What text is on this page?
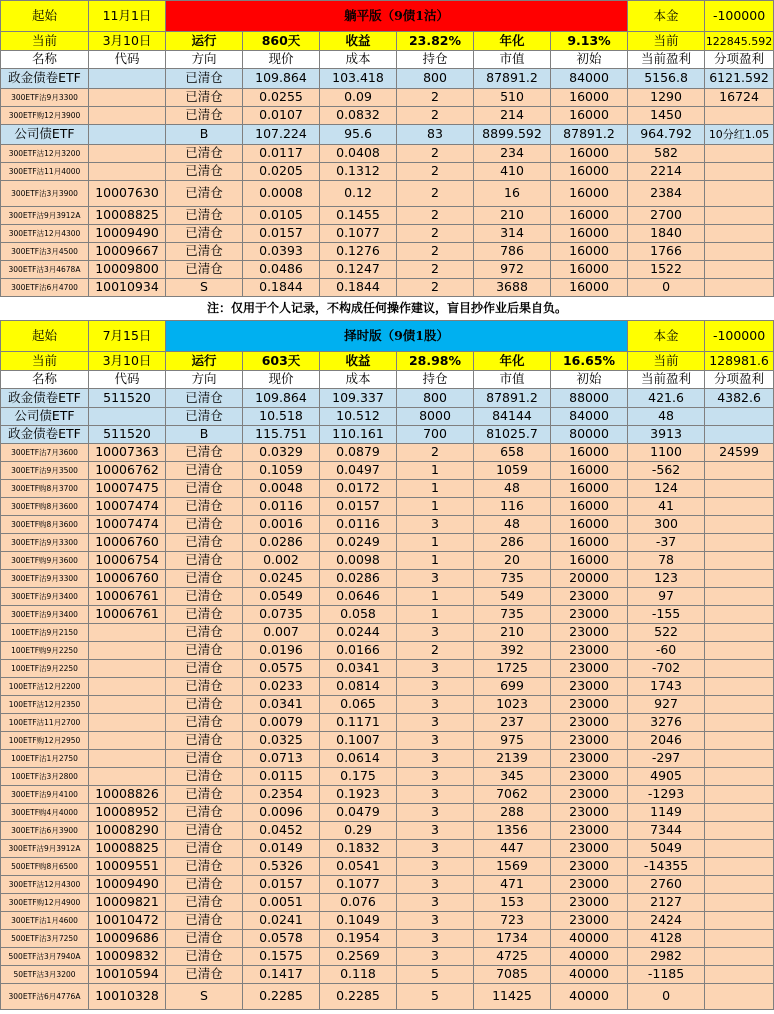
起始	11月1日	躺平版（9债1沽）						本金	-100000
当前	3月10日	运行	860天	收益	23.82%	年化	9.13%	当前	122845.592
名称	代码	方向	现价	成本	持仓	市值	初始	当前盈利	分项盈利
政金债卷ETF		已清仓	109.864	103.418	800	87891.2	84000	5156.8	6121.592
300ETF沽9月3300		已清仓	0.0255	0.09	2	510	16000	1290	16724
300ETF购12月3900		已清仓	0.0107	0.0832	2	214	16000	1450	
公司债ETF		B	107.224	95.6	83	8899.592	87891.2	964.792	10分红1.05
300ETF沽12月3200		已清仓	0.0117	0.0408	2	234	16000	582	
300ETF沽11月4000		已清仓	0.0205	0.1312	2	410	16000	2214	
300ETF沽3月3900	10007630	已清仓	0.0008	0.12	2	16	16000	2384	
300ETF沽9月3912A	10008825	已清仓	0.0105	0.1455	2	210	16000	2700	
300ETF沽12月4300	10009490	已清仓	0.0157	0.1077	2	314	16000	1840	
300ETF沽3月4500	10009667	已清仓	0.0393	0.1276	2	786	16000	1766	
300ETF沽3月4678A	10009800	已清仓	0.0486	0.1247	2	972	16000	1522	
300ETF沽6月4700	10010934	S	0.1844	0.1844	2	3688	16000	0	
注：仅用于个人记录，不构成任何操作建议，盲目抄作业后果自负。
起始	7月15日	择时版（9债1股）						本金	-100000
当前	3月10日	运行	603天	收益	28.98%	年化	16.65%	当前	128981.6
名称	代码	方向	现价	成本	持仓	市值	初始	当前盈利	分项盈利
政金债卷ETF	511520	已清仓	109.864	109.337	800	87891.2	88000	421.6	4382.6
公司债ETF		已清仓	10.518	10.512	8000	84144	84000	48	
政金债卷ETF	511520	B	115.751	110.161	700	81025.7	80000	3913	
300ETF沽7月3600	10007363	已清仓	0.0329	0.0879	2	658	16000	1100	24599
300ETF沽9月3500	10006762	已清仓	0.1059	0.0497	1	1059	16000	-562	
300ETF购8月3700	10007475	已清仓	0.0048	0.0172	1	48	16000	124	
300ETF购8月3600	10007474	已清仓	0.0116	0.0157	1	116	16000	41	
300ETF购8月3600	10007474	已清仓	0.0016	0.0116	3	48	16000	300	
300ETF沽9月3300	10006760	已清仓	0.0286	0.0249	1	286	16000	-37	
300ETF购9月3600	10006754	已清仓	0.002	0.0098	1	20	16000	78	
300ETF沽9月3300	10006760	已清仓	0.0245	0.0286	3	735	20000	123	
300ETF沽9月3400	10006761	已清仓	0.0549	0.0646	1	549	23000	97	
300ETF沽9月3400	10006761	已清仓	0.0735	0.058	1	735	23000	-155	
100ETF沽9月2150		已清仓	0.007	0.0244	3	210	23000	522	
100ETF购9月2250		已清仓	0.0196	0.0166	2	392	23000	-60	
100ETF沽9月2250		已清仓	0.0575	0.0341	3	1725	23000	-702	
100ETF沽12月2200		已清仓	0.0233	0.0814	3	699	23000	1743	
100ETF沽12月2350		已清仓	0.0341	0.065	3	1023	23000	927	
100ETF沽11月2700		已清仓	0.0079	0.1171	3	237	23000	3276	
100ETF购12月2950		已清仓	0.0325	0.1007	3	975	23000	2046	
100ETF沽1月2750		已清仓	0.0713	0.0614	3	2139	23000	-297	
100ETF沽3月2800		已清仓	0.0115	0.175	3	345	23000	4905	
300ETF沽9月4100	10008826	已清仓	0.2354	0.1923	3	7062	23000	-1293	
300ETF购4月4000	10008952	已清仓	0.0096	0.0479	3	288	23000	1149	
300ETF沽6月3900	10008290	已清仓	0.0452	0.29	3	1356	23000	7344	
300ETF沽9月3912A	10008825	已清仓	0.0149	0.1832	3	447	23000	5049	
500ETF购8月6500	10009551	已清仓	0.5326	0.0541	3	1569	23000	-14355	
300ETF沽12月4300	10009490	已清仓	0.0157	0.1077	3	471	23000	2760	
300ETF购12月4900	10009821	已清仓	0.0051	0.076	3	153	23000	2127	
300ETF沽1月4600	10010472	已清仓	0.0241	0.1049	3	723	23000	2424	
500ETF沽3月7250	10009686	已清仓	0.0578	0.1954	3	1734	40000	4128	
500ETF沽3月7940A	10009832	已清仓	0.1575	0.2569	3	4725	40000	2982	
50ETF沽3月3200	10010594	已清仓	0.1417	0.118	5	7085	40000	-1185	
300ETF沽6月4776A	10010328	S	0.2285	0.2285	5	11425	40000	0	
